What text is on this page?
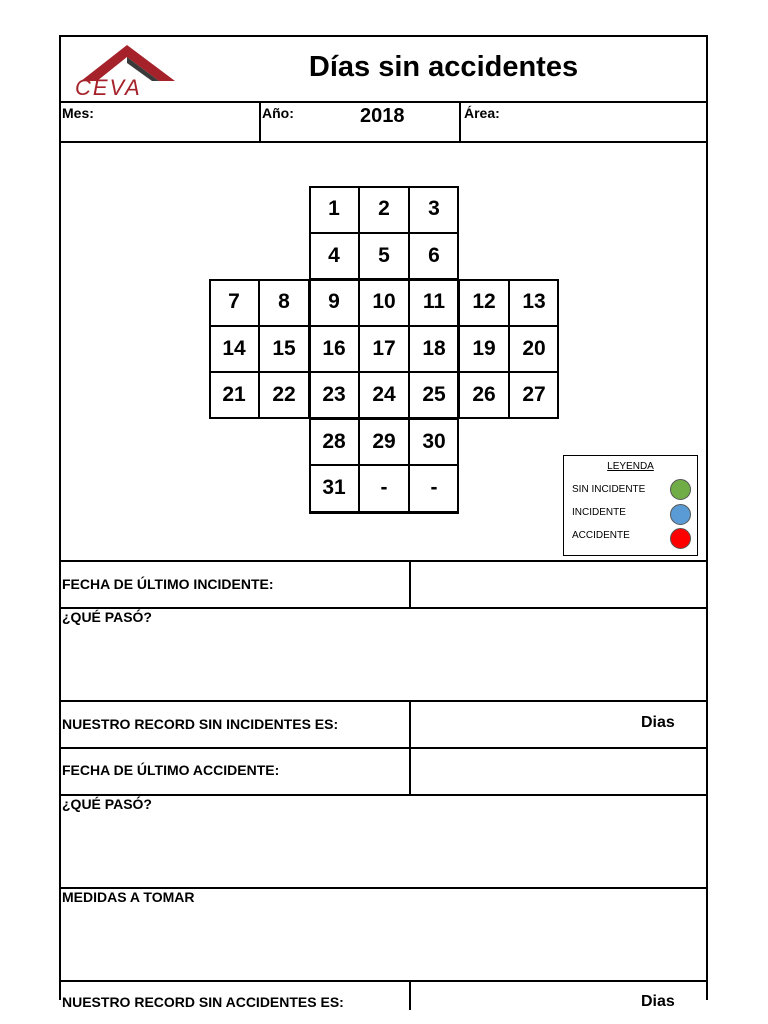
CEVA
Días sin accidentes
Mes:	Año:	2018	Área:
1	2	3
4	5	6
7	8	9	10	11	12	13
14	15	16	17	18	19	20
21	22	23	24	25	26	27
28	29	30
31	-	-
LEYENDA
SIN INCIDENTE
INCIDENTE
ACCIDENTE
FECHA DE ÚLTIMO INCIDENTE:
¿QUÉ PASÓ?
NUESTRO RECORD SIN INCIDENTES ES:	Dias
FECHA DE ÚLTIMO ACCIDENTE:
¿QUÉ PASÓ?
MEDIDAS A TOMAR
NUESTRO RECORD SIN ACCIDENTES ES:	Dias
